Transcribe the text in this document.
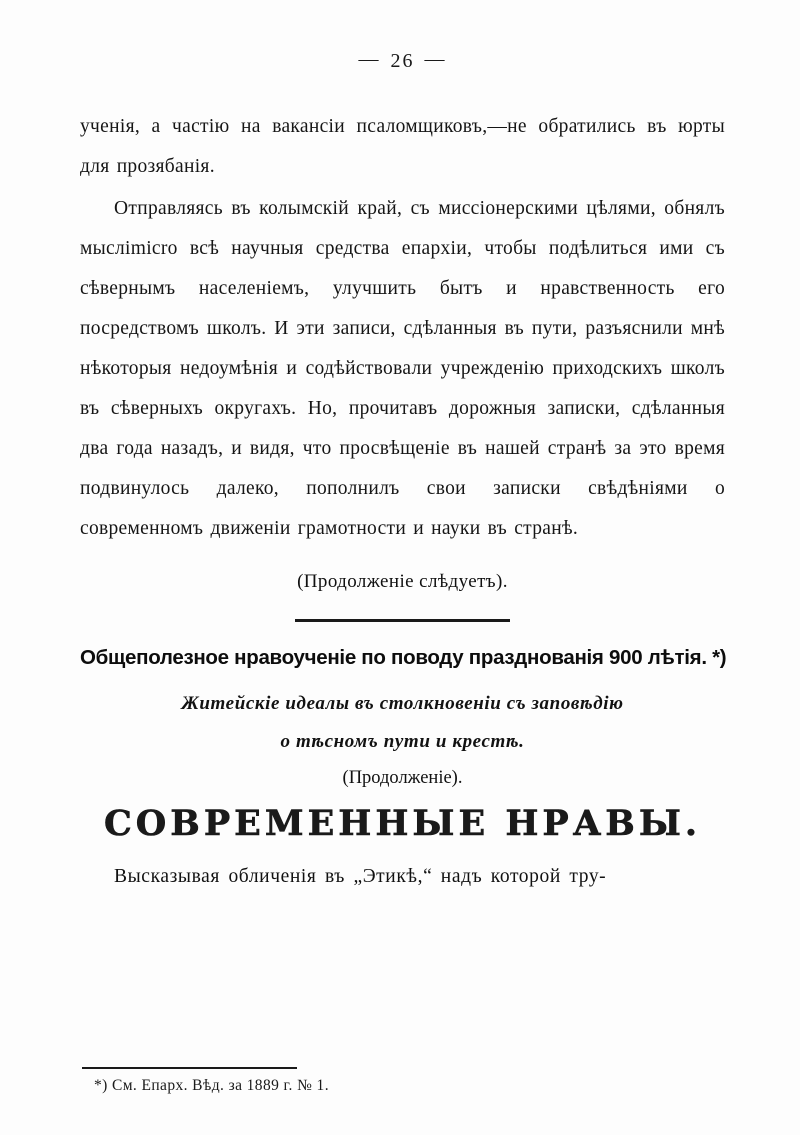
— 26 —

ученія, а частію на вакансіи псаломщиковъ,—не обратились въ юрты для прозябанія.

Отправляясь въ колымскій край, съ миссіонерскими цѣлями, обнялъ мысліmicro всѣ научныя средства епархіи, чтобы подѣлиться ими съ сѣвернымъ населеніемъ, улучшить бытъ и нравственность его посредствомъ школъ. И эти записи, сдѣланныя въ пути, разъяснили мнѣ нѣкоторыя недоумѣнія и содѣйствовали учрежденію приходскихъ школъ въ сѣверныхъ округахъ. Но, прочитавъ дорожныя записки, сдѣланныя два года назадъ, и видя, что просвѣщеніе въ нашей странѣ за это время подвинулось далеко, пополнилъ свои записки свѣдѣніями о современномъ движеніи грамотности и науки въ странѣ.

(Продолженіе слѣдуетъ).
Общеполезное нравоученіе по поводу празднованія 900 лѣтія. *)
Житейскіе идеалы въ столкновеніи съ заповѣдію
о тѣсномъ пути и крестѣ.
(Продолженіе).
СОВРЕМЕННЫЕ НРАВЫ.

Высказывая обличенія въ „Этикѣ,“ надъ которой тру-

*) См. Епарх. Вѣд. за 1889 г. № 1.
